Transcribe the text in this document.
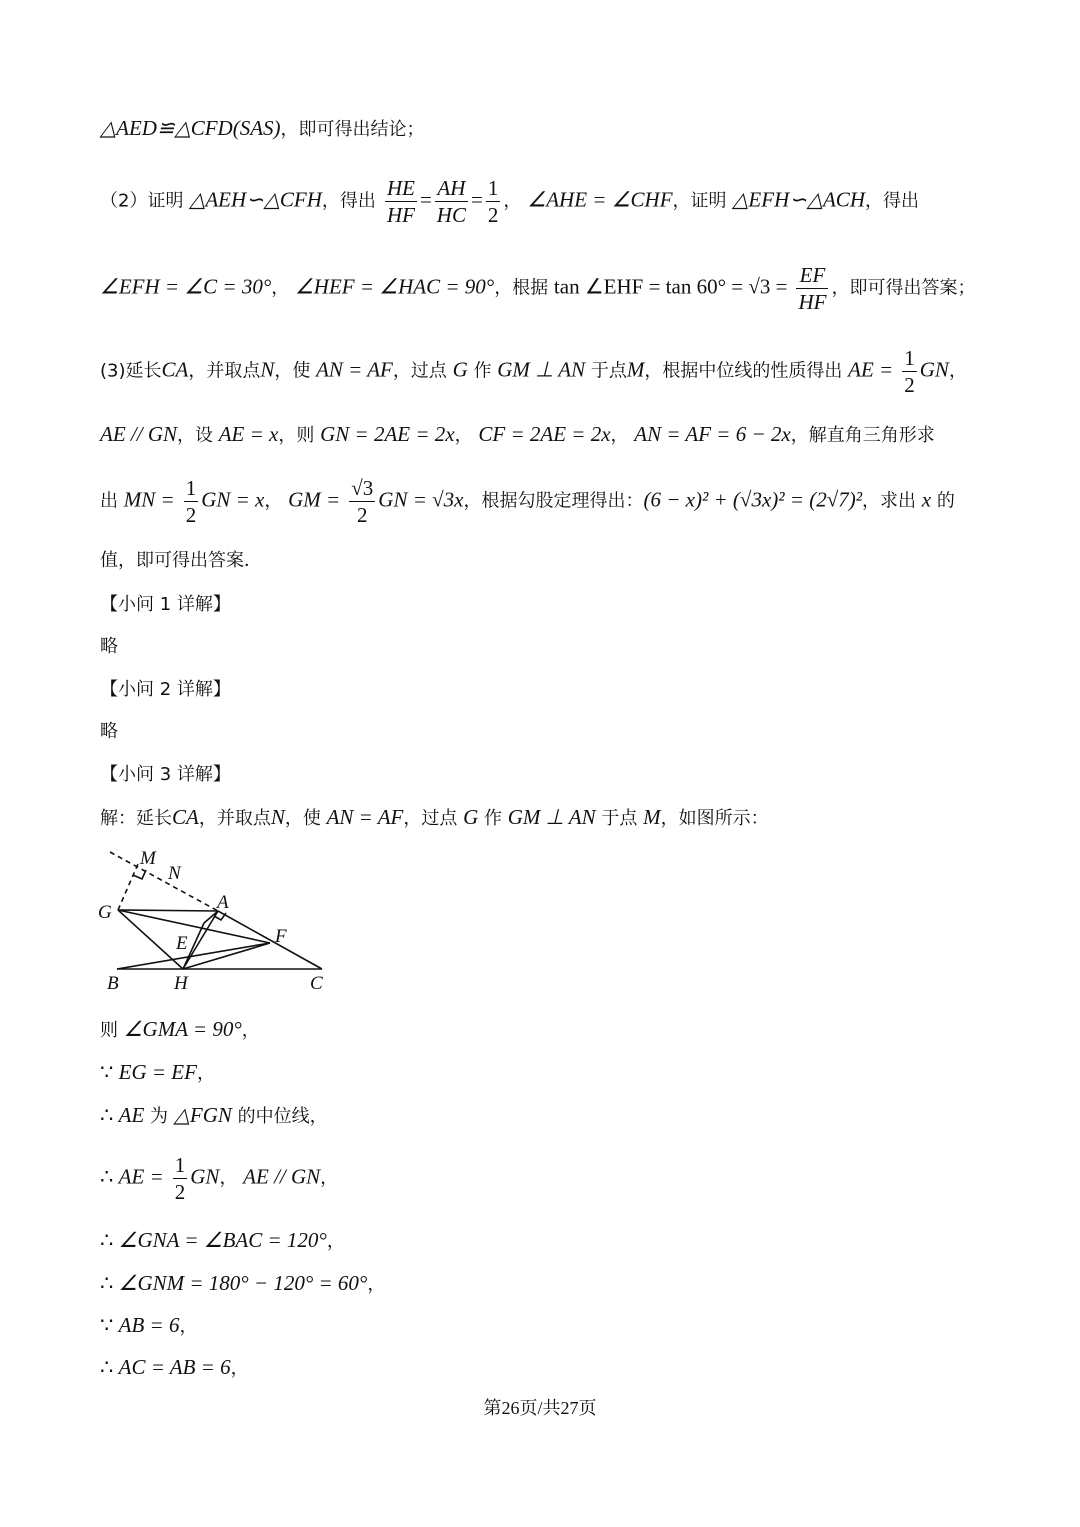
△AED≌△CFD(SAS)，即可得出结论；
（2）证明 △AEH∽△CFH，得出 $\frac{HE}{HF} = \frac{AH}{HC} = \frac{1}{2}$ ， ∠AHE = ∠CHF，证明 △EFH∽△ACH，得出
∠EFH = ∠C = 30°， ∠HEF = ∠HAC = 90°，根据 tan ∠EHF = $\tan 60^\circ = √3 = \frac{EF}{HF}$ ，即可得出答案；
(3)延长CA，并取点N，使 AN = AF，过点 G 作 GM ⊥ AN 于点M，根据中位线的性质得出 AE = $\frac{1}{2}$ GN，
AE // GN，设 AE = x，则 GN = 2AE = 2x， CF = 2AE = 2x， AN = AF = 6 − 2x，解直角三角形求
出 MN = $\frac{1}{2}$ GN = x， GM = $\frac{√3}{2}$ GN = √3x，根据勾股定理得出：(6 − x)² + (√3x)² = (2√7)²，求出 x 的
值，即可得出答案．
【小问 1 详解】
略
【小问 2 详解】
略
【小问 3 详解】
解：延长CA，并取点N，使 AN = AF，过点 G 作 GM ⊥ AN 于点 M，如图所示：
M
N
G	A
E	F
B	H	C
则 ∠GMA = 90°，
∵ EG = EF，
∴ AE 为 △FGN 的中位线，
∴ AE = $\frac{1}{2}$ GN， AE // GN，
∴ ∠GNA = ∠BAC = 120°，
∴ ∠GNM = 180° − 120° = 60°，
∵ AB = 6，
∴ AC = AB = 6，
第26页/共27页
